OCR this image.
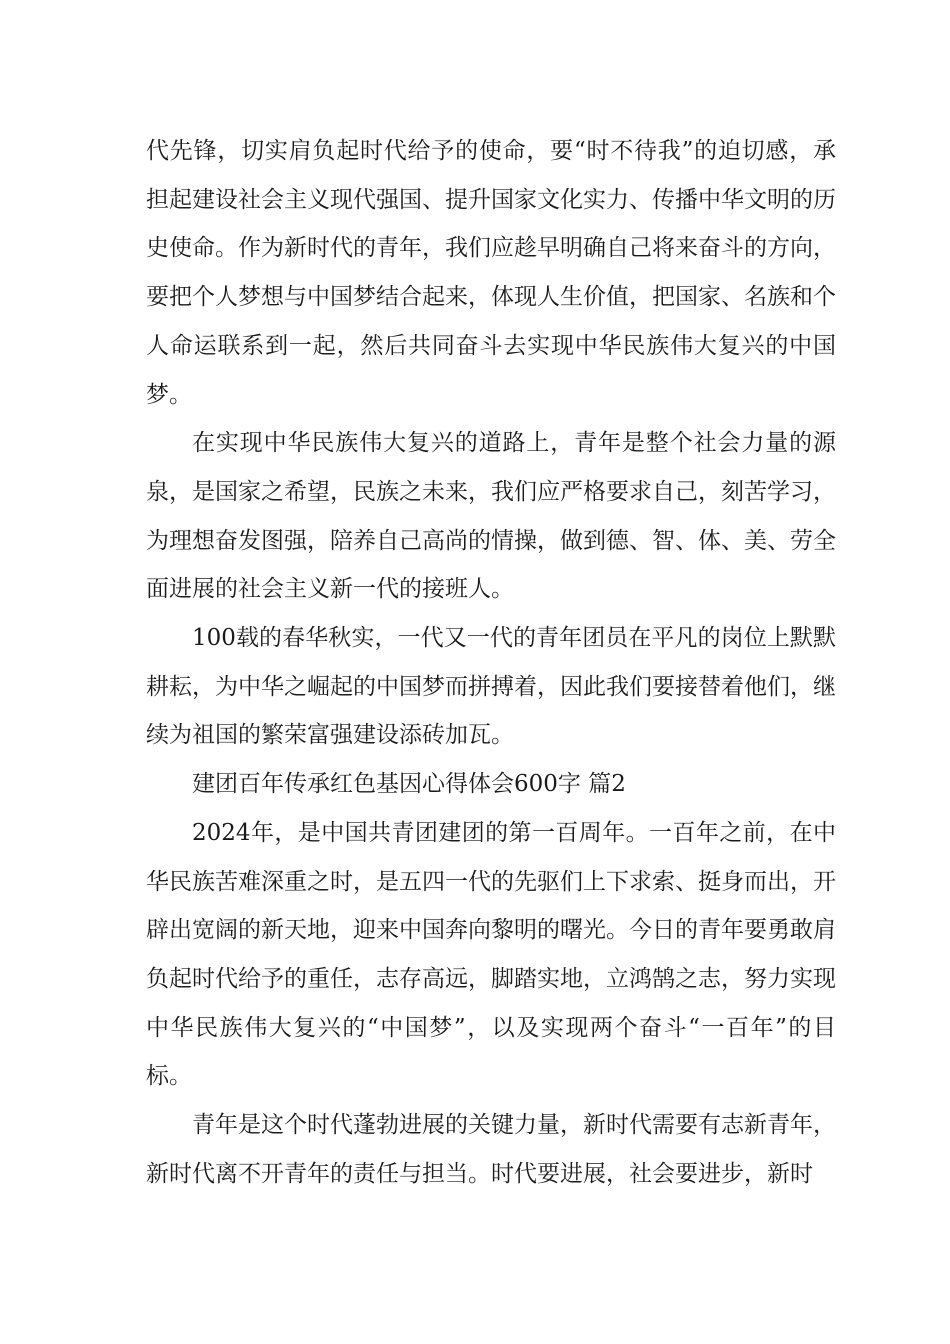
代先锋，切实肩负起时代给予的使命，要“时不待我”的迫切感，承担起建设社会主义现代强国、提升国家文化实力、传播中华文明的历史使命。作为新时代的青年，我们应趁早明确自己将来奋斗的方向，要把个人梦想与中国梦结合起来，体现人生价值，把国家、名族和个人命运联系到一起，然后共同奋斗去实现中华民族伟大复兴的中国梦。

在实现中华民族伟大复兴的道路上，青年是整个社会力量的源泉，是国家之希望，民族之未来，我们应严格要求自己，刻苦学习，为理想奋发图强，陪养自己高尚的情操，做到德、智、体、美、劳全面进展的社会主义新一代的接班人。

100载的春华秋实，一代又一代的青年团员在平凡的岗位上默默耕耘，为中华之崛起的中国梦而拼搏着，因此我们要接替着他们，继续为祖国的繁荣富强建设添砖加瓦。

建团百年传承红色基因心得体会600字 篇2

2024年，是中国共青团建团的第一百周年。一百年之前，在中华民族苦难深重之时，是五四一代的先驱们上下求索、挺身而出，开辟出宽阔的新天地，迎来中国奔向黎明的曙光。今日的青年要勇敢肩负起时代给予的重任，志存高远，脚踏实地，立鸿鹄之志，努力实现中华民族伟大复兴的“中国梦”，以及实现两个奋斗“一百年”的目标。

青年是这个时代蓬勃进展的关键力量，新时代需要有志新青年，新时代离不开青年的责任与担当。时代要进展，社会要进步，新时
